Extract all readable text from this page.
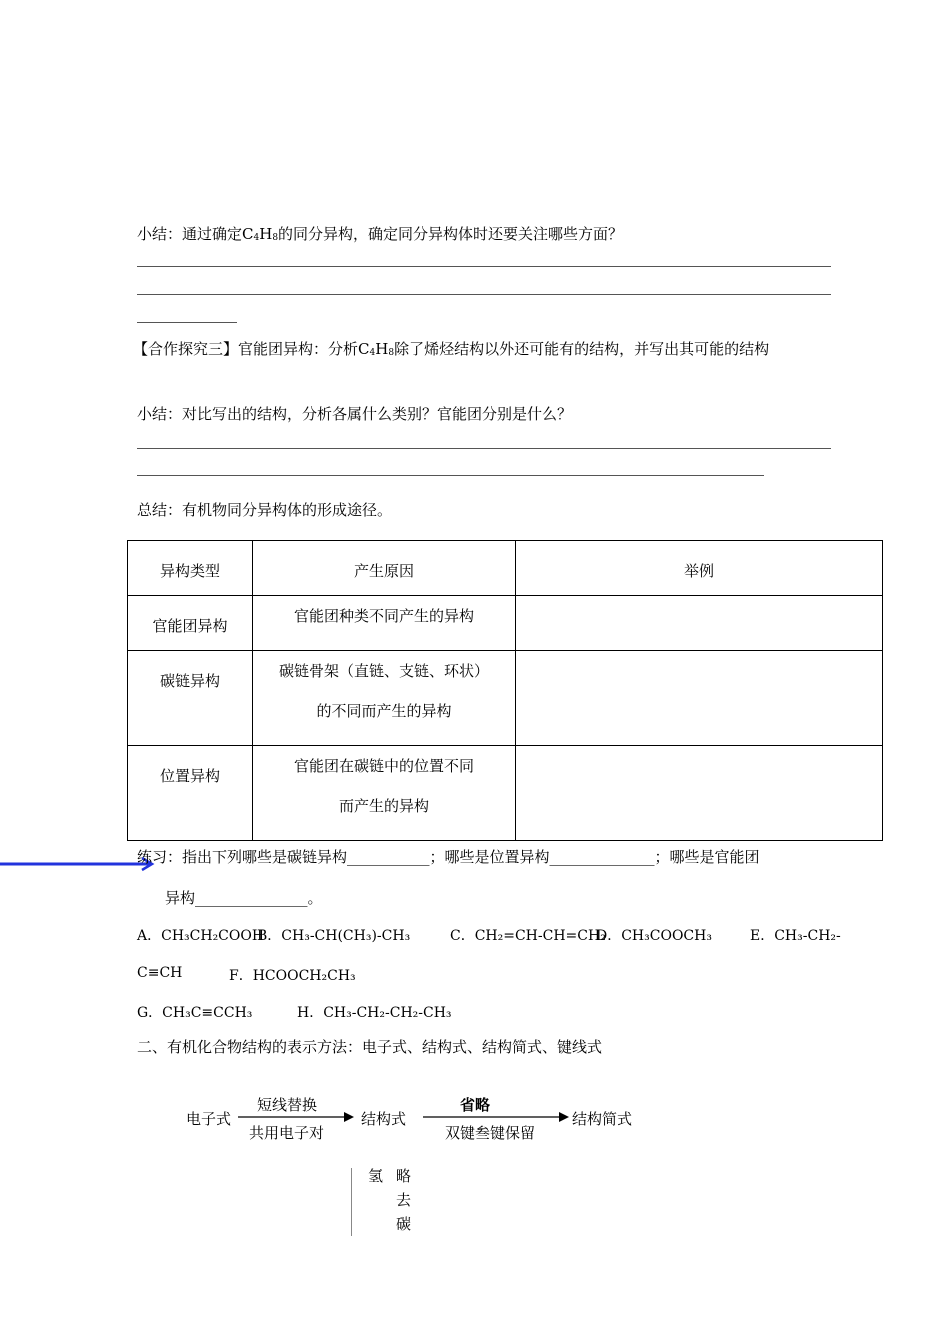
小结：通过确定$C_4H_8$的同分异构，确定同分异构体时还要关注哪些方面？
【合作探究三】官能团异构：分析$C_4H_8$除了烯烃结构以外还可能有的结构，并写出其可能的结构
小结：对比写出的结构，分析各属什么类别？官能团分别是什么？
总结：有机物同分异构体的形成途径。
异构类型	产生原因	举例
官能团异构	官能团种类不同产生的异构	

碳链异构	碳链骨架（直链、支链、环状）
的不同而产生的异构	

位置异构	官能团在碳链中的位置不同
而产生的异构	

练习：指出下列哪些是碳链异构___________；哪些是位置异构______________；哪些是官能团
异构_______________。
A．CH₃CH₂COOH
B．CH₃-CH(CH₃)-CH₃	C．CH₂=CH-CH=CH₂
D．CH₃COOCH₃	E．CH₃-CH₂-
C≡CH	F．HCOOCH₂CH₃
G．CH₃C≡CCH₃	H．CH₃-CH₂-CH₂-CH₃
二、有机化合物结构的表示方法：电子式、结构式、结构简式、键线式
电子式
短线替换
共用电子对
结构式
省略
双键叁键保留
结构简式
氢 略
去
碳
